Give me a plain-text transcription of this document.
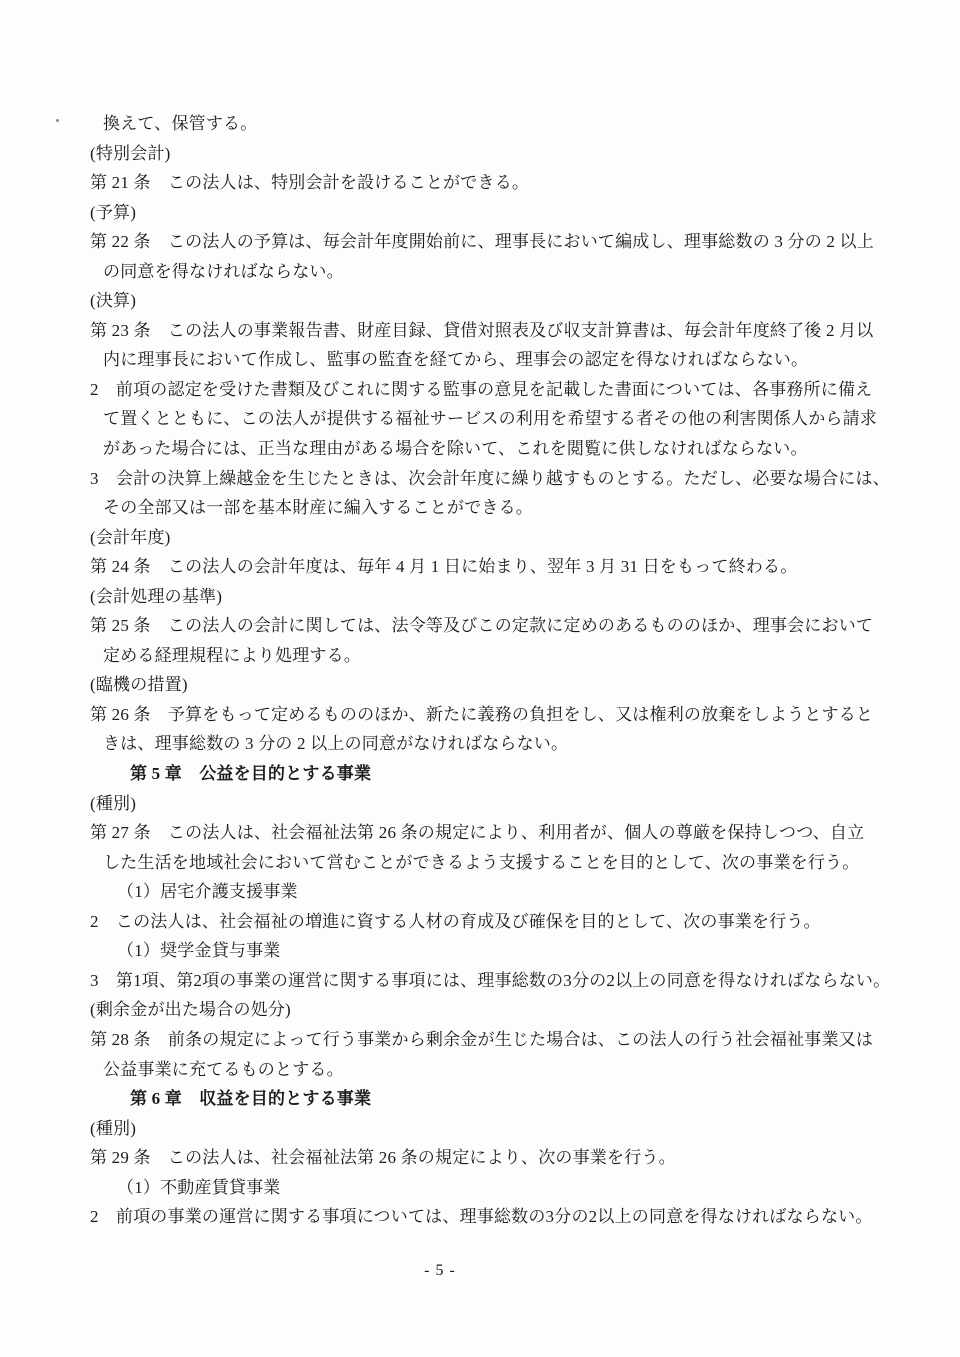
換えて、保管する。
(特別会計)
第 21 条　この法人は、特別会計を設けることができる。
(予算)
第 22 条　この法人の予算は、毎会計年度開始前に、理事長において編成し、理事総数の 3 分の 2 以上
の同意を得なければならない。
(決算)
第 23 条　この法人の事業報告書、財産目録、貸借対照表及び収支計算書は、毎会計年度終了後 2 月以
内に理事長において作成し、監事の監査を経てから、理事会の認定を得なければならない。
2　前項の認定を受けた書類及びこれに関する監事の意見を記載した書面については、各事務所に備え
て置くとともに、この法人が提供する福祉サービスの利用を希望する者その他の利害関係人から請求
があった場合には、正当な理由がある場合を除いて、これを閲覧に供しなければならない。
3　会計の決算上繰越金を生じたときは、次会計年度に繰り越すものとする。ただし、必要な場合には、
その全部又は一部を基本財産に編入することができる。
(会計年度)
第 24 条　この法人の会計年度は、毎年 4 月 1 日に始まり、翌年 3 月 31 日をもって終わる。
(会計処理の基準)
第 25 条　この法人の会計に関しては、法令等及びこの定款に定めのあるもののほか、理事会において
定める経理規程により処理する。
(臨機の措置)
第 26 条　予算をもって定めるもののほか、新たに義務の負担をし、又は権利の放棄をしようとすると
きは、理事総数の 3 分の 2 以上の同意がなければならない。
第 5 章　公益を目的とする事業
(種別)
第 27 条　この法人は、社会福祉法第 26 条の規定により、利用者が、個人の尊厳を保持しつつ、自立
した生活を地域社会において営むことができるよう支援することを目的として、次の事業を行う。
（1）居宅介護支援事業
2　この法人は、社会福祉の増進に資する人材の育成及び確保を目的として、次の事業を行う。
（1）奨学金貸与事業
3　第1項、第2項の事業の運営に関する事項には、理事総数の3分の2以上の同意を得なければならない。
(剰余金が出た場合の処分)
第 28 条　前条の規定によって行う事業から剰余金が生じた場合は、この法人の行う社会福祉事業又は
公益事業に充てるものとする。
第 6 章　収益を目的とする事業
(種別)
第 29 条　この法人は、社会福祉法第 26 条の規定により、次の事業を行う。
（1）不動産賃貸事業
2　前項の事業の運営に関する事項については、理事総数の3分の2以上の同意を得なければならない。
- 5 -
